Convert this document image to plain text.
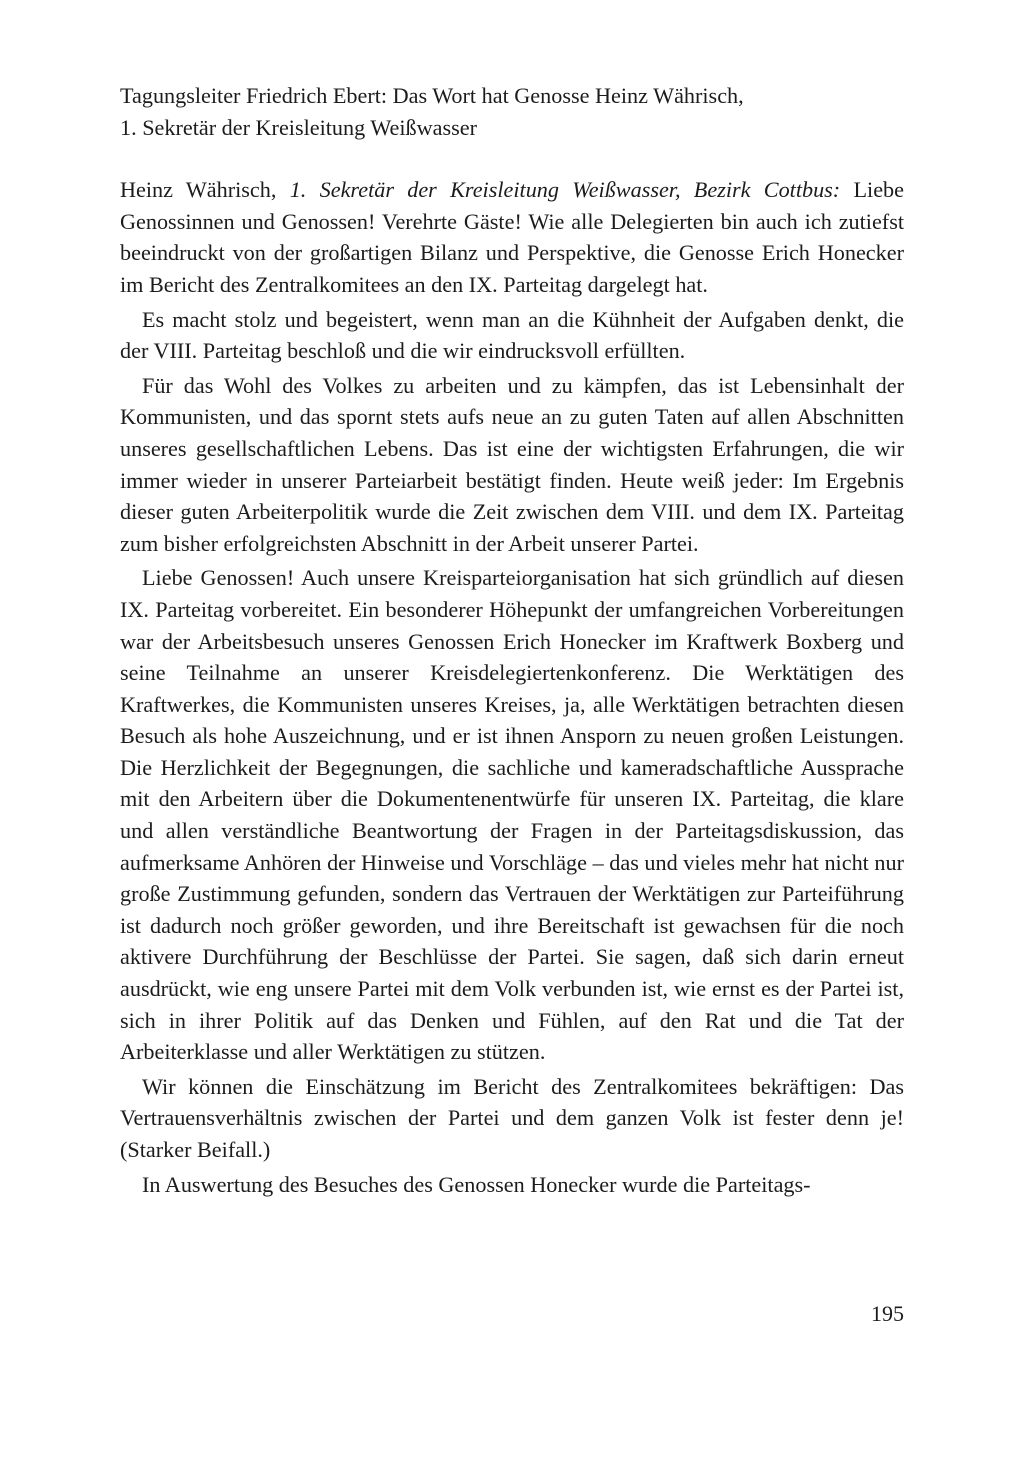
Tagungsleiter Friedrich Ebert: Das Wort hat Genosse Heinz Währisch,
1. Sekretär der Kreisleitung Weißwasser

Heinz Währisch, 1. Sekretär der Kreisleitung Weißwasser, Bezirk Cottbus: Liebe Genossinnen und Genossen! Verehrte Gäste! Wie alle Delegierten bin auch ich zutiefst beeindruckt von der großartigen Bilanz und Perspektive, die Genosse Erich Honecker im Bericht des Zentralkomitees an den IX. Parteitag dargelegt hat.

Es macht stolz und begeistert, wenn man an die Kühnheit der Aufgaben denkt, die der VIII. Parteitag beschloß und die wir eindrucksvoll erfüllten.

Für das Wohl des Volkes zu arbeiten und zu kämpfen, das ist Lebensinhalt der Kommunisten, und das spornt stets aufs neue an zu guten Taten auf allen Abschnitten unseres gesellschaftlichen Lebens. Das ist eine der wichtigsten Erfahrungen, die wir immer wieder in unserer Parteiarbeit bestätigt finden. Heute weiß jeder: Im Ergebnis dieser guten Arbeiterpolitik wurde die Zeit zwischen dem VIII. und dem IX. Parteitag zum bisher erfolgreichsten Abschnitt in der Arbeit unserer Partei.

Liebe Genossen! Auch unsere Kreisparteiorganisation hat sich gründlich auf diesen IX. Parteitag vorbereitet. Ein besonderer Höhepunkt der umfangreichen Vorbereitungen war der Arbeitsbesuch unseres Genossen Erich Honecker im Kraftwerk Boxberg und seine Teilnahme an unserer Kreisdelegiertenkonferenz. Die Werktätigen des Kraftwerkes, die Kommunisten unseres Kreises, ja, alle Werktätigen betrachten diesen Besuch als hohe Auszeichnung, und er ist ihnen Ansporn zu neuen großen Leistungen. Die Herzlichkeit der Begegnungen, die sachliche und kameradschaftliche Aussprache mit den Arbeitern über die Dokumentenentwürfe für unseren IX. Parteitag, die klare und allen verständliche Beantwortung der Fragen in der Parteitagsdiskussion, das aufmerksame Anhören der Hinweise und Vorschläge – das und vieles mehr hat nicht nur große Zustimmung gefunden, sondern das Vertrauen der Werktätigen zur Parteiführung ist dadurch noch größer geworden, und ihre Bereitschaft ist gewachsen für die noch aktivere Durchführung der Beschlüsse der Partei. Sie sagen, daß sich darin erneut ausdrückt, wie eng unsere Partei mit dem Volk verbunden ist, wie ernst es der Partei ist, sich in ihrer Politik auf das Denken und Fühlen, auf den Rat und die Tat der Arbeiterklasse und aller Werktätigen zu stützen.

Wir können die Einschätzung im Bericht des Zentralkomitees bekräftigen: Das Vertrauensverhältnis zwischen der Partei und dem ganzen Volk ist fester denn je! (Starker Beifall.)

In Auswertung des Besuches des Genossen Honecker wurde die Parteitags-

195
